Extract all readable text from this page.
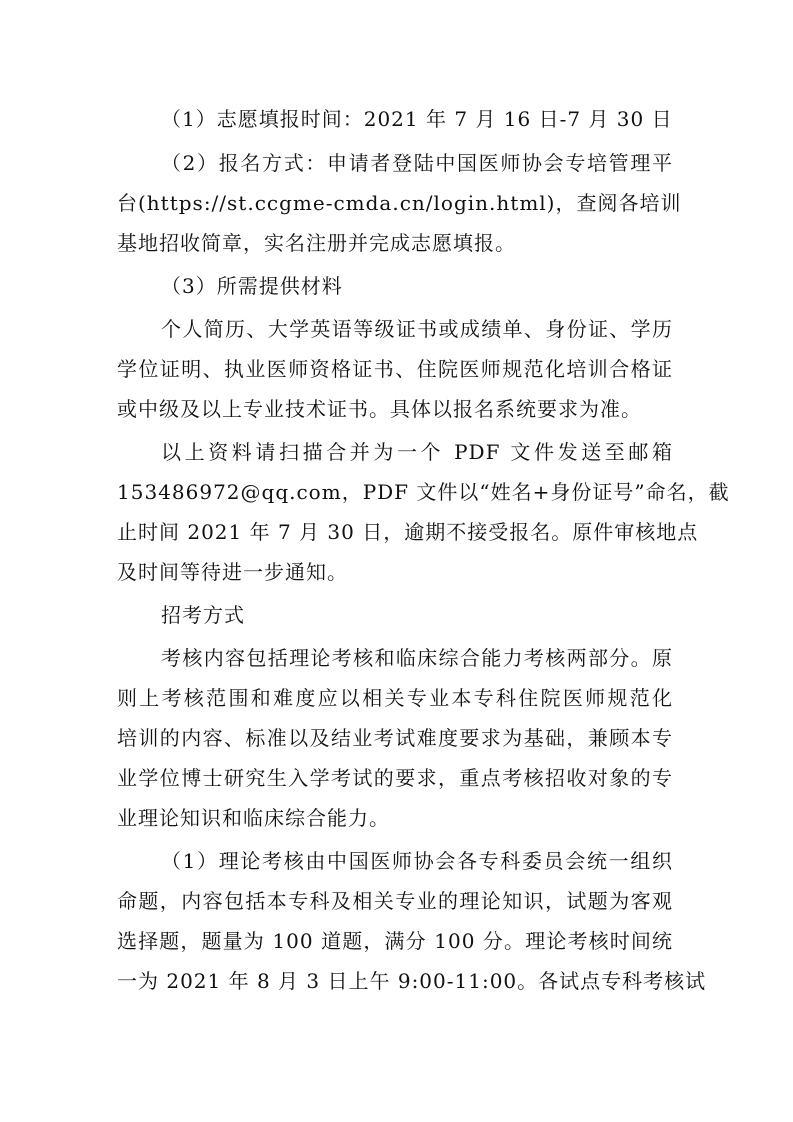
（1）志愿填报时间：2021 年 7 月 16 日-7 月 30 日

（2）报名方式：申请者登陆中国医师协会专培管理平

台(https://st.ccgme-cmda.cn/login.html)，查阅各培训

基地招收简章，实名注册并完成志愿填报。

（3）所需提供材料

个人简历、大学英语等级证书或成绩单、身份证、学历

学位证明、执业医师资格证书、住院医师规范化培训合格证

或中级及以上专业技术证书。具体以报名系统要求为准。

以上资料请扫描合并为一个 PDF 文件发送至邮箱

153486972@qq.com，PDF 文件以“姓名+身份证号”命名，截

止时间 2021 年 7 月 30 日，逾期不接受报名。原件审核地点

及时间等待进一步通知。

招考方式

考核内容包括理论考核和临床综合能力考核两部分。原

则上考核范围和难度应以相关专业本专科住院医师规范化

培训的内容、标准以及结业考试难度要求为基础，兼顾本专

业学位博士研究生入学考试的要求，重点考核招收对象的专

业理论知识和临床综合能力。

（1）理论考核由中国医师协会各专科委员会统一组织

命题，内容包括本专科及相关专业的理论知识，试题为客观

选择题，题量为 100 道题，满分 100 分。理论考核时间统

一为 2021 年 8 月 3 日上午 9:00-11:00。各试点专科考核试
